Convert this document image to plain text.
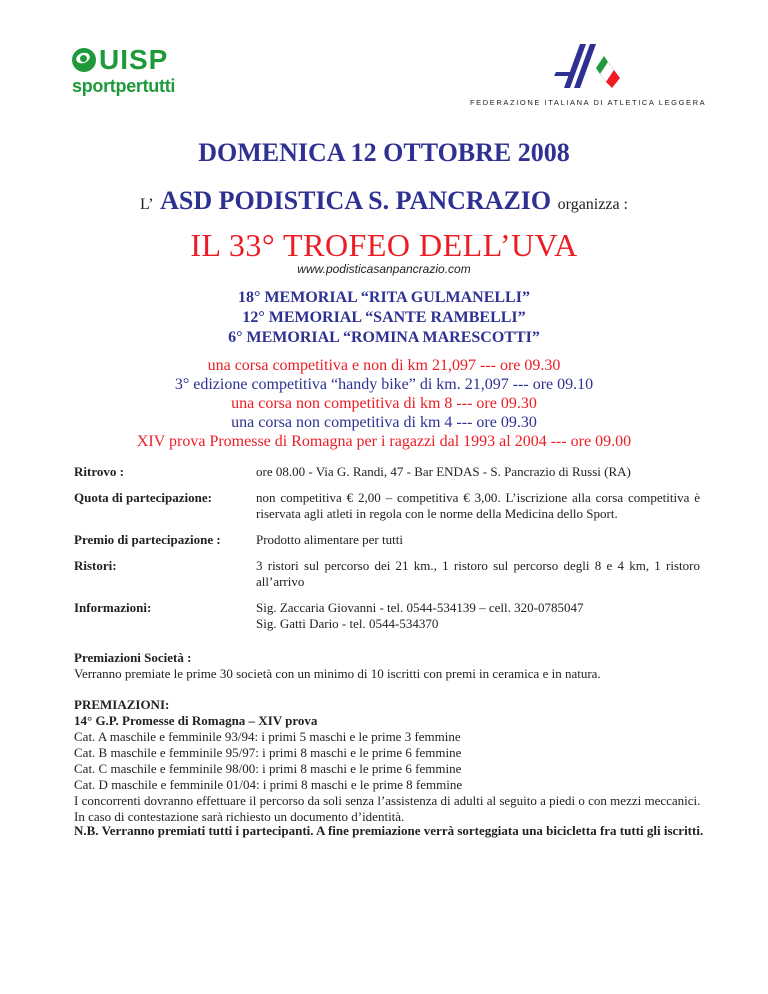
UISP
sportpertutti
FEDERAZIONE ITALIANA DI ATLETICA LEGGERA
DOMENICA 12 OTTOBRE 2008
L’ ASD PODISTICA S. PANCRAZIO organizza :
IL 33° TROFEO DELL’UVA
www.podisticasanpancrazio.com
18° MEMORIAL “RITA GULMANELLI”
12° MEMORIAL “SANTE RAMBELLI”
6° MEMORIAL “ROMINA MARESCOTTI”
una corsa competitiva e non di km 21,097 --- ore 09.30
3° edizione competitiva “handy bike” di km. 21,097 --- ore 09.10
una corsa non competitiva di km 8 --- ore 09.30
una corsa non competitiva di km 4 --- ore 09.30
XIV prova Promesse di Romagna per i ragazzi dal 1993 al 2004 --- ore 09.00
Ritrovo :	ore 08.00 - Via G. Randi, 47 - Bar ENDAS - S. Pancrazio di Russi (RA)
Quota di partecipazione:	non competitiva € 2,00 – competitiva € 3,00. L’iscrizione alla corsa competitiva è riservata agli atleti in regola con le norme della Medicina dello Sport.
Premio di partecipazione :	Prodotto alimentare per tutti
Ristori:	3 ristori sul percorso dei 21 km., 1 ristoro sul percorso degli 8 e 4 km, 1 ristoro all’arrivo
Informazioni:	Sig. Zaccaria Giovanni - tel. 0544-534139 – cell. 320-0785047
Sig. Gatti Dario - tel. 0544-534370
Premiazioni Società :
Verranno premiate le prime 30 società con un minimo di 10 iscritti con premi in ceramica e in natura.
PREMIAZIONI:
14° G.P. Promesse di Romagna – XIV prova
Cat. A maschile e femminile 93/94: i primi 5 maschi e le prime 3 femmine
Cat. B maschile e femminile 95/97: i primi 8 maschi e le prime 6 femmine
Cat. C maschile e femminile 98/00: i primi 8 maschi e le prime 6 femmine
Cat. D maschile e femminile 01/04: i primi 8 maschi e le prime 8 femmine
I concorrenti dovranno effettuare il percorso da soli senza l’assistenza di adulti al seguito a piedi o con mezzi meccanici. In caso di contestazione sarà richiesto un documento d’identità.
N.B. Verranno premiati tutti i partecipanti. A fine premiazione verrà sorteggiata una bicicletta fra tutti gli iscritti.
